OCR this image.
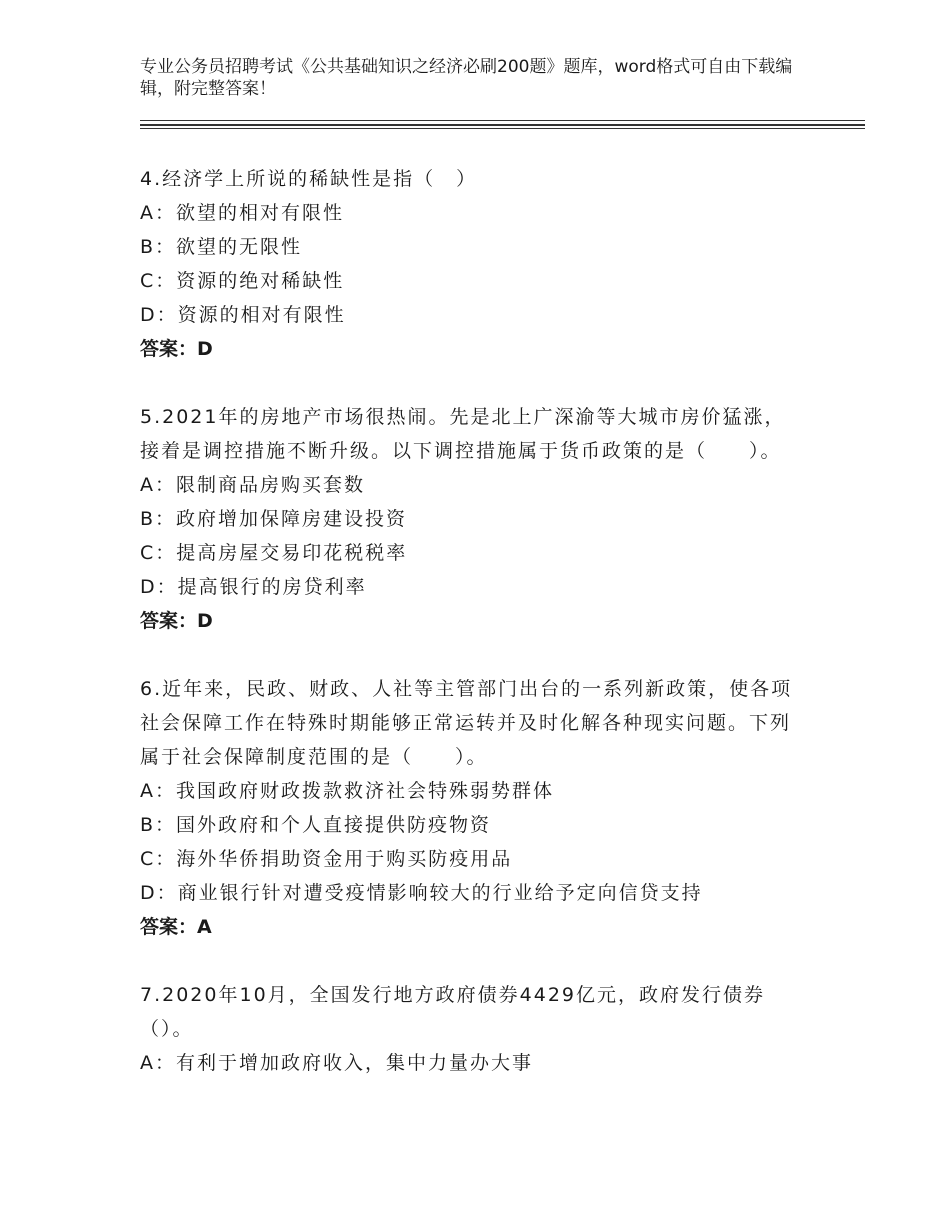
专业公务员招聘考试《公共基础知识之经济必刷200题》题库，word格式可自由下载编辑，附完整答案！
4.经济学上所说的稀缺性是指（　）
A：欲望的相对有限性
B：欲望的无限性
C：资源的绝对稀缺性
D：资源的相对有限性
答案：D
5.2021年的房地产市场很热闹。先是北上广深渝等大城市房价猛涨，接着是调控措施不断升级。以下调控措施属于货币政策的是（　　）。
A：限制商品房购买套数
B：政府增加保障房建设投资
C：提高房屋交易印花税税率
D：提高银行的房贷利率
答案：D
6.近年来，民政、财政、人社等主管部门出台的一系列新政策，使各项社会保障工作在特殊时期能够正常运转并及时化解各种现实问题。下列属于社会保障制度范围的是（　　）。
A：我国政府财政拨款救济社会特殊弱势群体
B：国外政府和个人直接提供防疫物资
C：海外华侨捐助资金用于购买防疫用品
D：商业银行针对遭受疫情影响较大的行业给予定向信贷支持
答案：A
7.2020年10月，全国发行地方政府债券4429亿元，政府发行债券（）。
A：有利于增加政府收入，集中力量办大事
